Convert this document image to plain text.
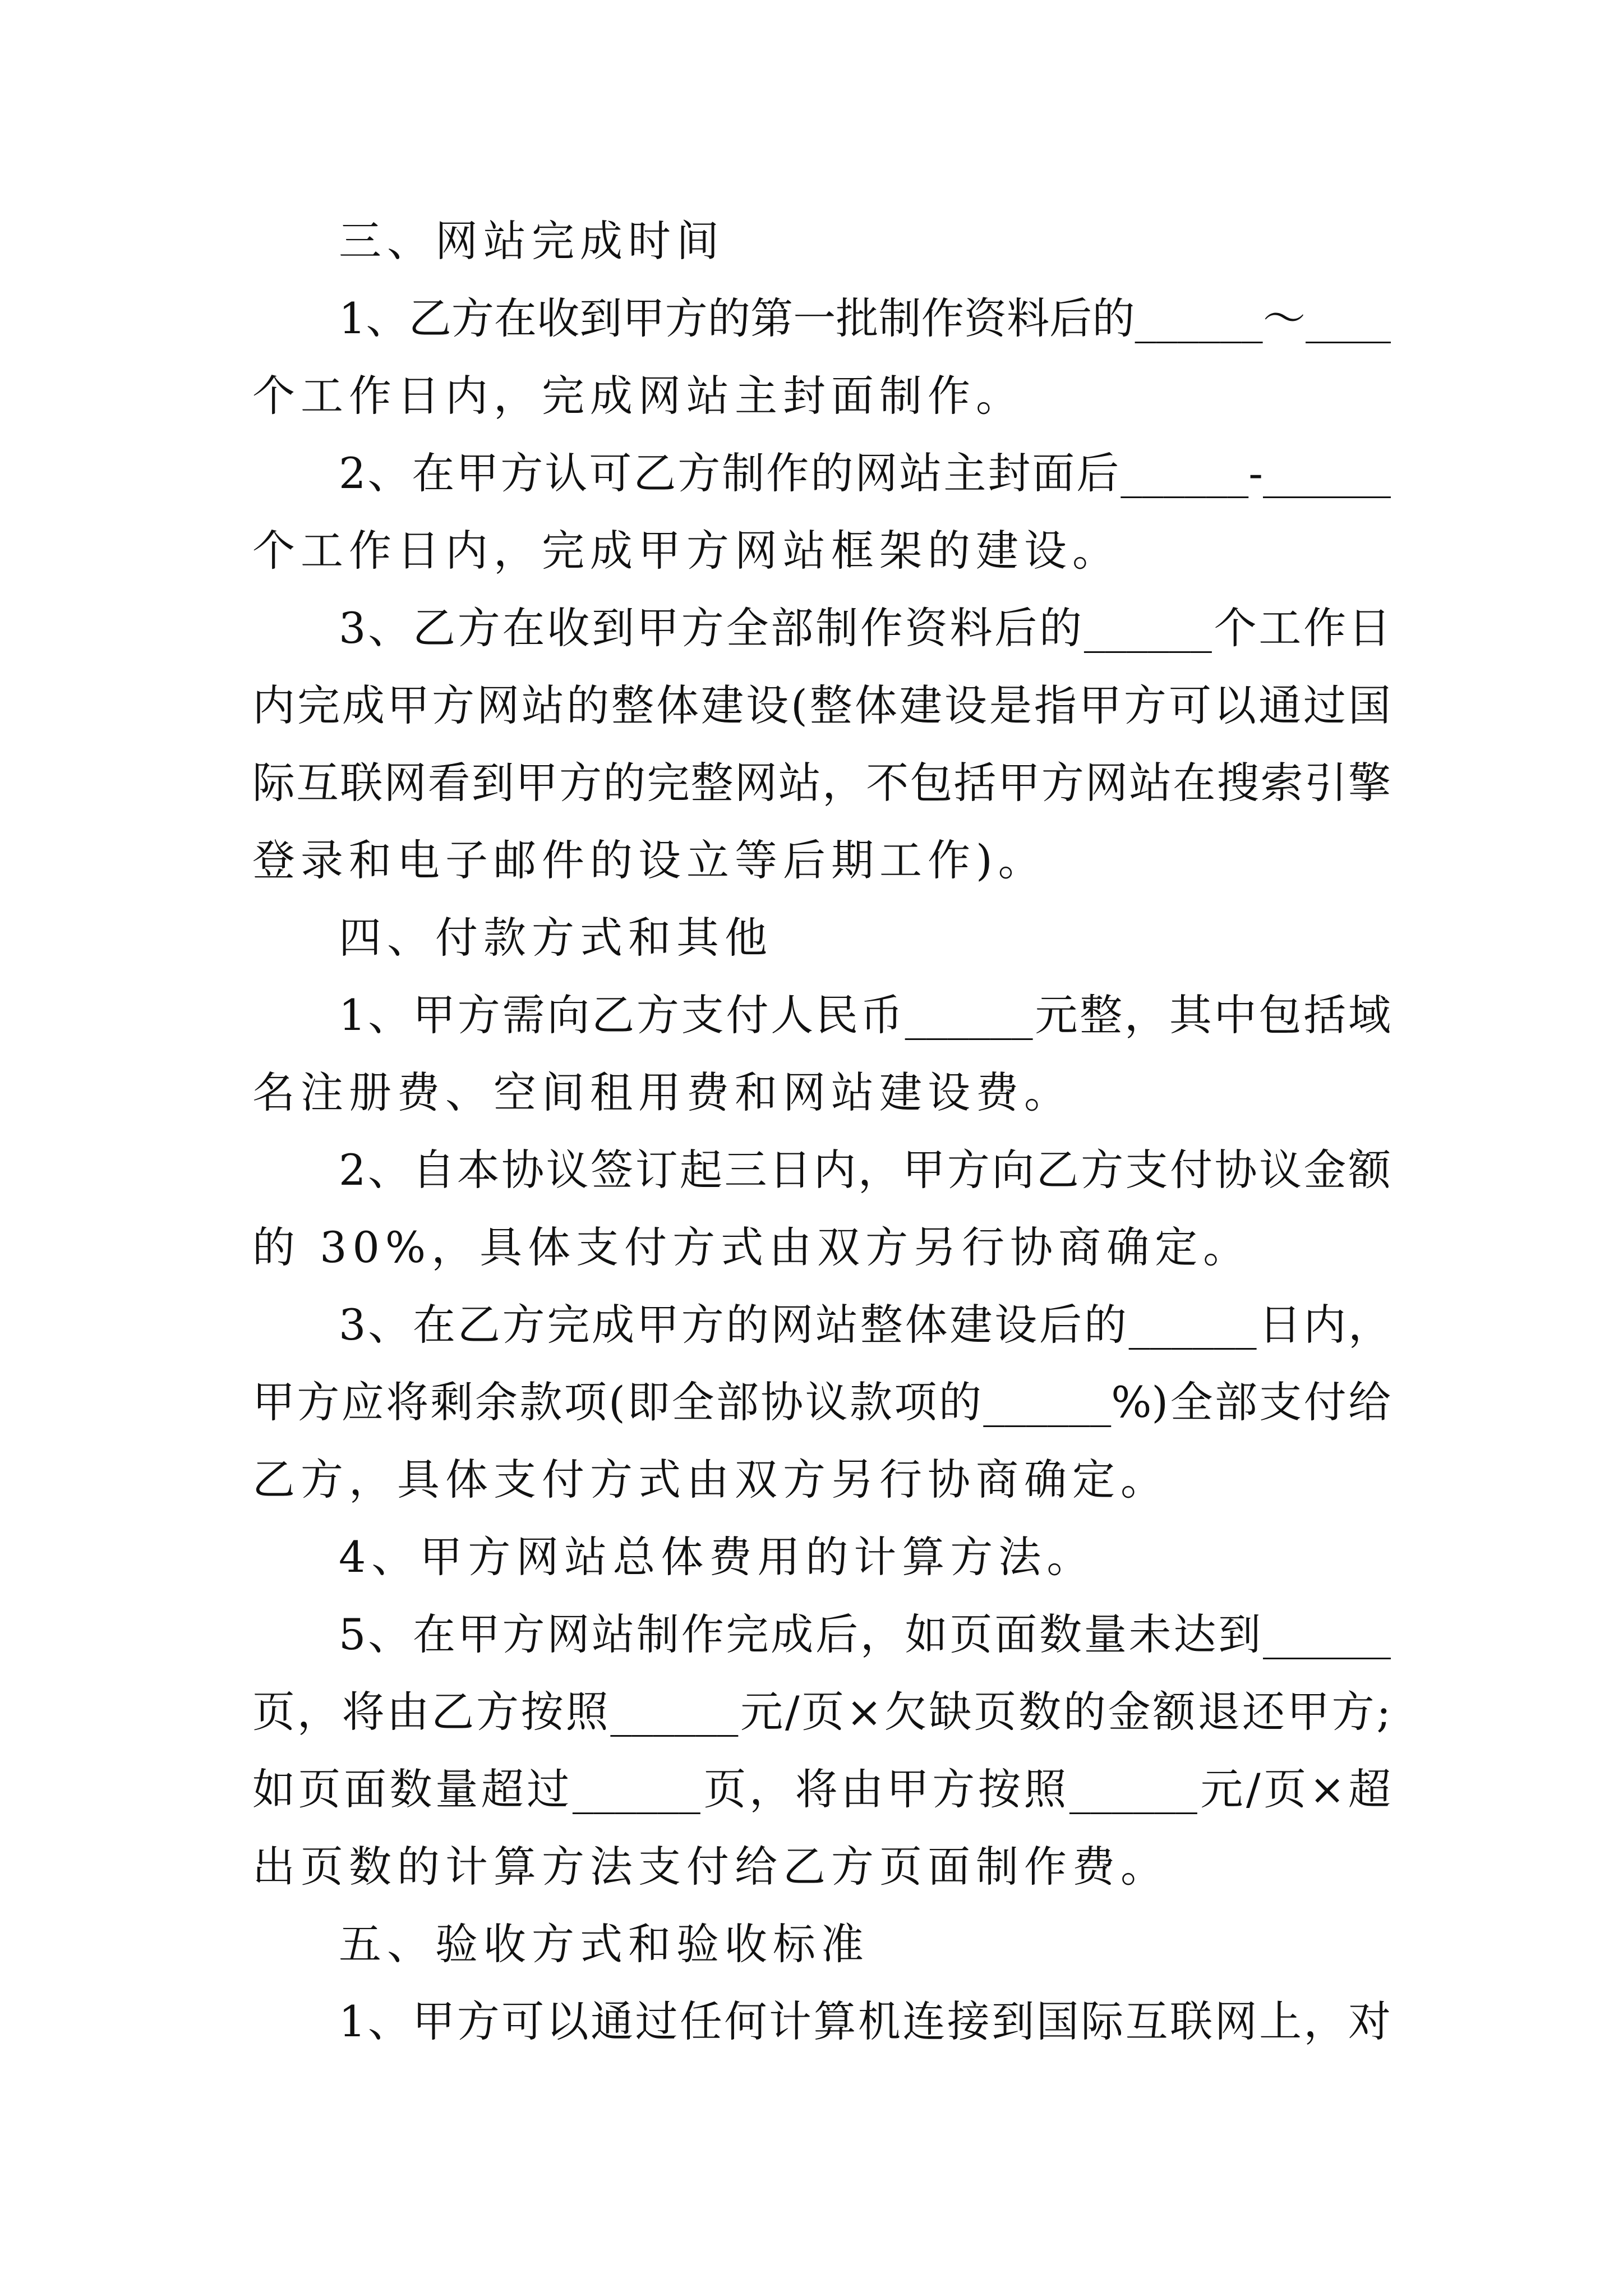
三、网站完成时间
1、乙方在收到甲方的第一批制作资料后的______～____
个工作日内，完成网站主封面制作。
2、在甲方认可乙方制作的网站主封面后______-______
个工作日内，完成甲方网站框架的建设。
3、乙方在收到甲方全部制作资料后的______个工作日
内完成甲方网站的整体建设(整体建设是指甲方可以通过国
际互联网看到甲方的完整网站，不包括甲方网站在搜索引擎
登录和电子邮件的设立等后期工作)。
四、付款方式和其他
1、甲方需向乙方支付人民币______元整，其中包括域
名注册费、空间租用费和网站建设费。
2、自本协议签订起三日内，甲方向乙方支付协议金额
的 30%，具体支付方式由双方另行协商确定。
3、在乙方完成甲方的网站整体建设后的______日内，
甲方应将剩余款项(即全部协议款项的______%)全部支付给
乙方，具体支付方式由双方另行协商确定。
4、甲方网站总体费用的计算方法。
5、在甲方网站制作完成后，如页面数量未达到______
页，将由乙方按照______元/页×欠缺页数的金额退还甲方;
如页面数量超过______页，将由甲方按照______元/页×超
出页数的计算方法支付给乙方页面制作费。
五、验收方式和验收标准
1、甲方可以通过任何计算机连接到国际互联网上，对
